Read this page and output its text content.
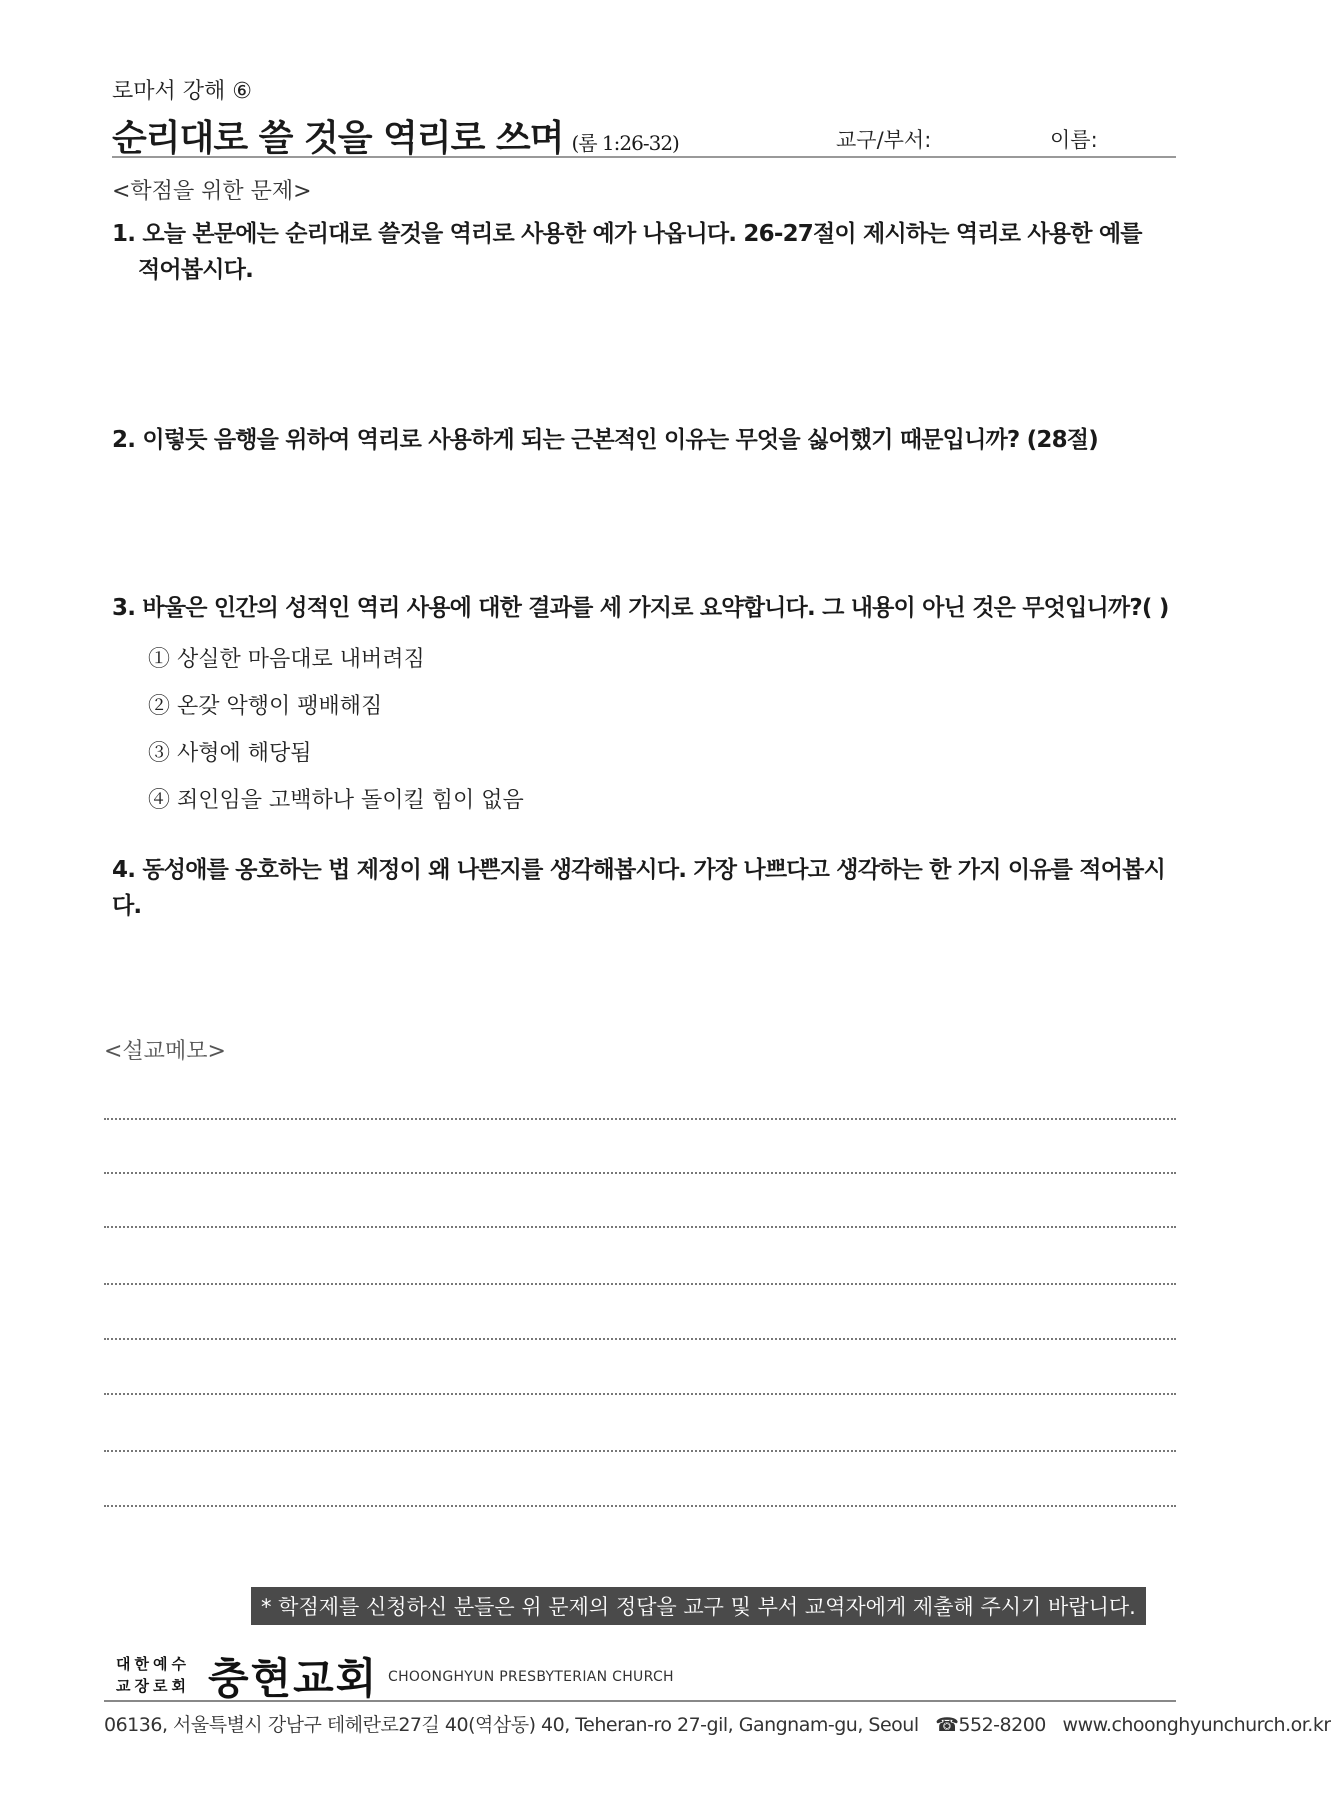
로마서 강해 ⑥
순리대로 쓸 것을 역리로 쓰며 (롬 1:26-32)	교구/부서:	이름:
<학점을 위한 문제>
1. 오늘 본문에는 순리대로 쓸것을 역리로 사용한 예가 나옵니다. 26-27절이 제시하는 역리로 사용한 예를
적어봅시다.
2. 이렇듯 음행을 위하여 역리로 사용하게 되는 근본적인 이유는 무엇을 싫어했기 때문입니까? (28절)
3. 바울은 인간의 성적인 역리 사용에 대한 결과를 세 가지로 요약합니다. 그 내용이 아닌 것은 무엇입니까?( )
① 상실한 마음대로 내버려짐
② 온갖 악행이 팽배해짐
③ 사형에 해당됨
④ 죄인임을 고백하나 돌이킬 힘이 없음
4. 동성애를 옹호하는 법 제정이 왜 나쁜지를 생각해봅시다. 가장 나쁘다고 생각하는 한 가지 이유를 적어봅시다.
<설교메모>
* 학점제를 신청하신 분들은 위 문제의 정답을 교구 및 부서 교역자에게 제출해 주시기 바랍니다.
대한예수교장로회 충현교회 CHOONGHYUN PRESBYTERIAN CHURCH
06136, 서울특별시 강남구 테헤란로27길 40(역삼동) 40, Teheran-ro 27-gil, Gangnam-gu, Seoul ☎552-8200 www.choonghyunchurch.or.kr
